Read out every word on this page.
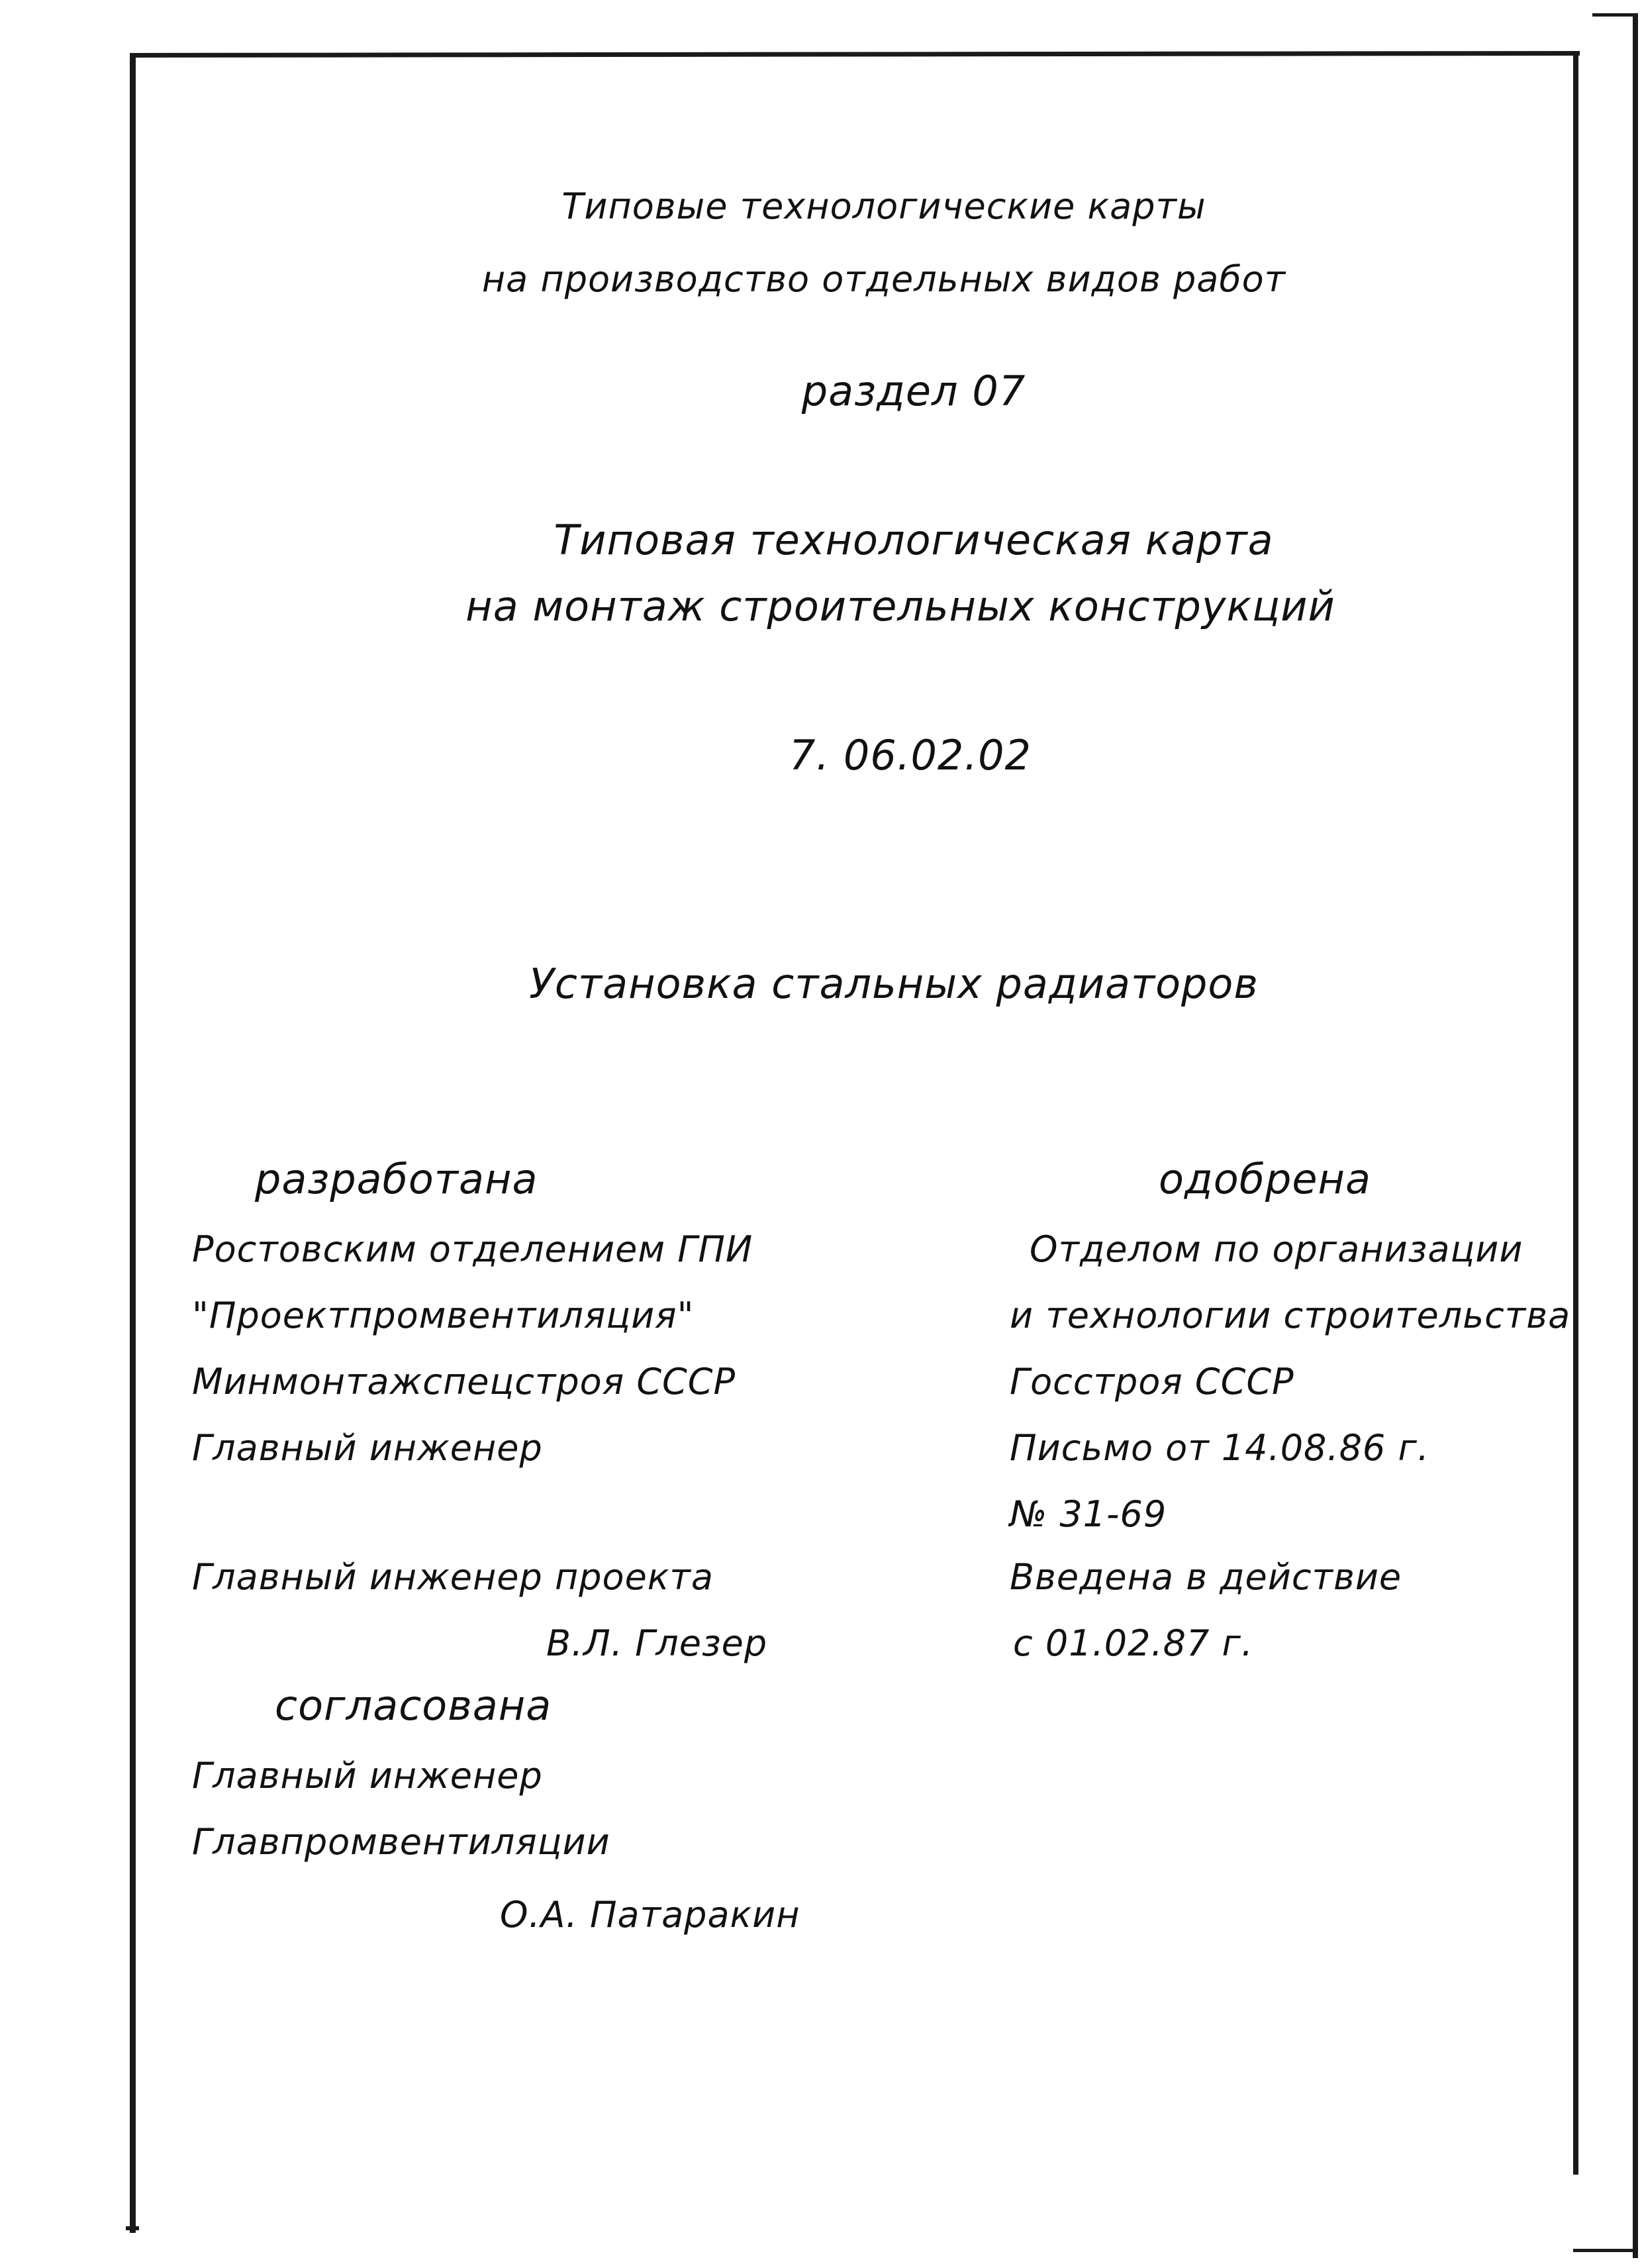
Типовые технологические карты
на производство отдельных видов работ
раздел 07
Типовая технологическая карта
на монтаж строительных конструкций
7. 06.02.02
Установка стальных радиаторов
разработана
Ростовским отделением ГПИ
"Проектпромвентиляция"
Минмонтажспецстроя СССР
Главный инженер
Главный инженер проекта
В.Л. Глезер
согласована
Главный инженер
Главпромвентиляции
О.А. Патаракин
одобрена
Отделом по организации
и технологии строительства
Госстроя СССР
Письмо от 14.08.86 г.
№ 31-69
Введена в действие
с 01.02.87 г.
